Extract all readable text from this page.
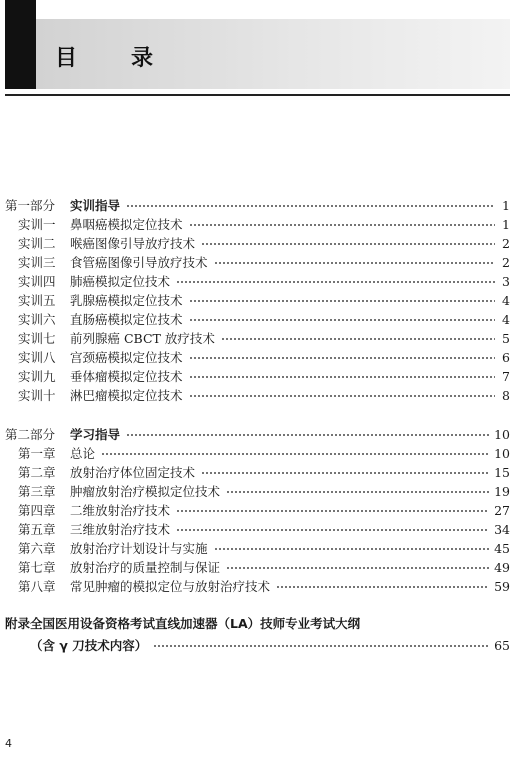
目 录
第一部分	实训指导	1
实训一	鼻咽癌模拟定位技术	1
实训二	喉癌图像引导放疗技术	2
实训三	食管癌图像引导放疗技术	2
实训四	肺癌模拟定位技术	3
实训五	乳腺癌模拟定位技术	4
实训六	直肠癌模拟定位技术	4
实训七	前列腺癌 CBCT 放疗技术	5
实训八	宫颈癌模拟定位技术	6
实训九	垂体瘤模拟定位技术	7
实训十	淋巴瘤模拟定位技术	8
第二部分	学习指导	10
第一章	总论	10
第二章	放射治疗体位固定技术	15
第三章	肿瘤放射治疗模拟定位技术	19
第四章	二维放射治疗技术	27
第五章	三维放射治疗技术	34
第六章	放射治疗计划设计与实施	45
第七章	放射治疗的质量控制与保证	49
第八章	常见肿瘤的模拟定位与放射治疗技术	59
附录 全国医用设备资格考试直线加速器（LA）技师专业考试大纲
（含 γ 刀技术内容）	65
4
